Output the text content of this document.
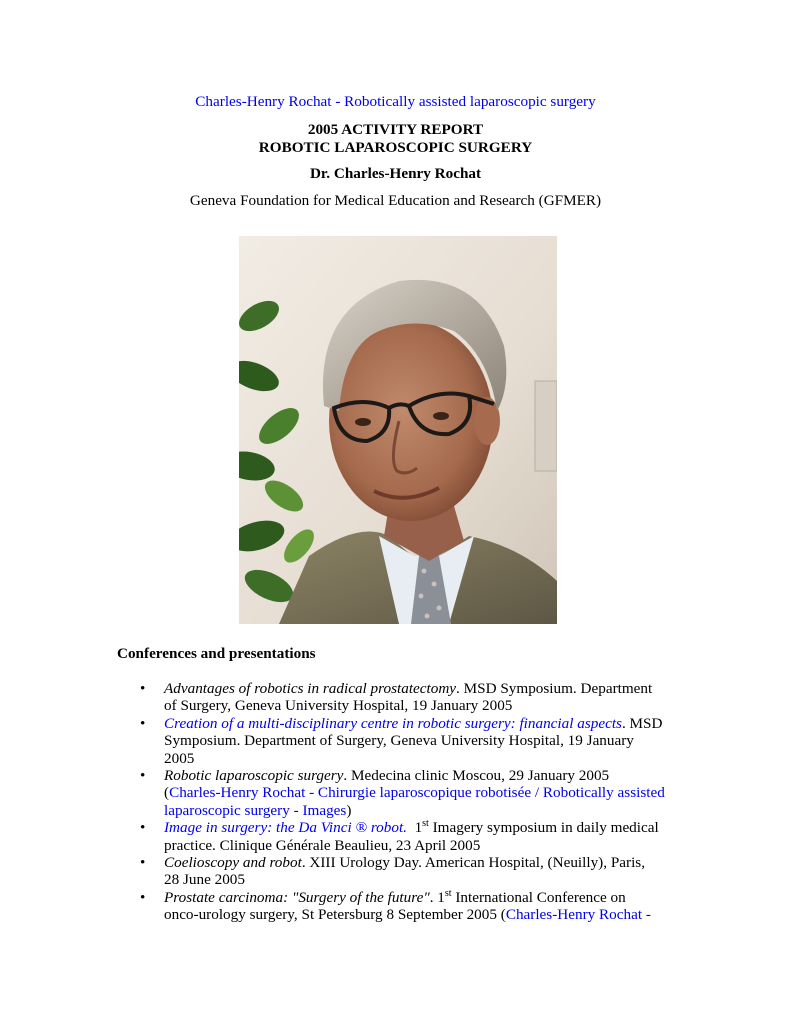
Charles-Henry Rochat - Robotically assisted laparoscopic surgery
2005 ACTIVITY REPORT
ROBOTIC LAPAROSCOPIC SURGERY
Dr. Charles-Henry Rochat
Geneva Foundation for Medical Education and Research (GFMER)
Conferences and presentations
• Advantages of robotics in radical prostatectomy. MSD Symposium. Department
of Surgery, Geneva University Hospital, 19 January 2005
• Creation of a multi-disciplinary centre in robotic surgery: financial aspects. MSD
Symposium. Department of Surgery, Geneva University Hospital, 19 January
2005
• Robotic laparoscopic surgery. Medecina clinic Moscou, 29 January 2005
(Charles-Henry Rochat - Chirurgie laparoscopique robotisée / Robotically assisted
laparoscopic surgery - Images)
• Image in surgery: the Da Vinci ® robot. 1st Imagery symposium in daily medical
practice. Clinique Générale Beaulieu, 23 April 2005
• Coelioscopy and robot. XIII Urology Day. American Hospital, (Neuilly), Paris,
28 June 2005
• Prostate carcinoma: "Surgery of the future". 1st International Conference on
onco-urology surgery, St Petersburg 8 September 2005 (Charles-Henry Rochat -
